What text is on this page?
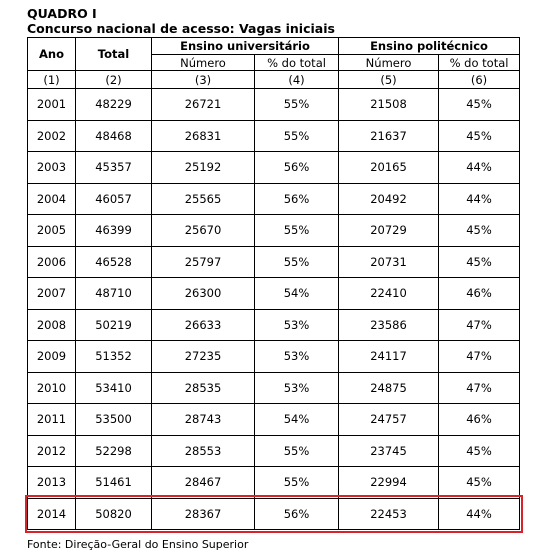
QUADRO I
Concurso nacional de acesso: Vagas iniciais
Ano	Total	Ensino universitário		Ensino politécnico	
		Número	% do total	Número	% do total
(1)	(2)	(3)	(4)	(5)	(6)
2001	48229	26721	55%	21508	45%
2002	48468	26831	55%	21637	45%
2003	45357	25192	56%	20165	44%
2004	46057	25565	56%	20492	44%
2005	46399	25670	55%	20729	45%
2006	46528	25797	55%	20731	45%
2007	48710	26300	54%	22410	46%
2008	50219	26633	53%	23586	47%
2009	51352	27235	53%	24117	47%
2010	53410	28535	53%	24875	47%
2011	53500	28743	54%	24757	46%
2012	52298	28553	55%	23745	45%
2013	51461	28467	55%	22994	45%
2014	50820	28367	56%	22453	44%
Fonte: Direção-Geral do Ensino Superior
